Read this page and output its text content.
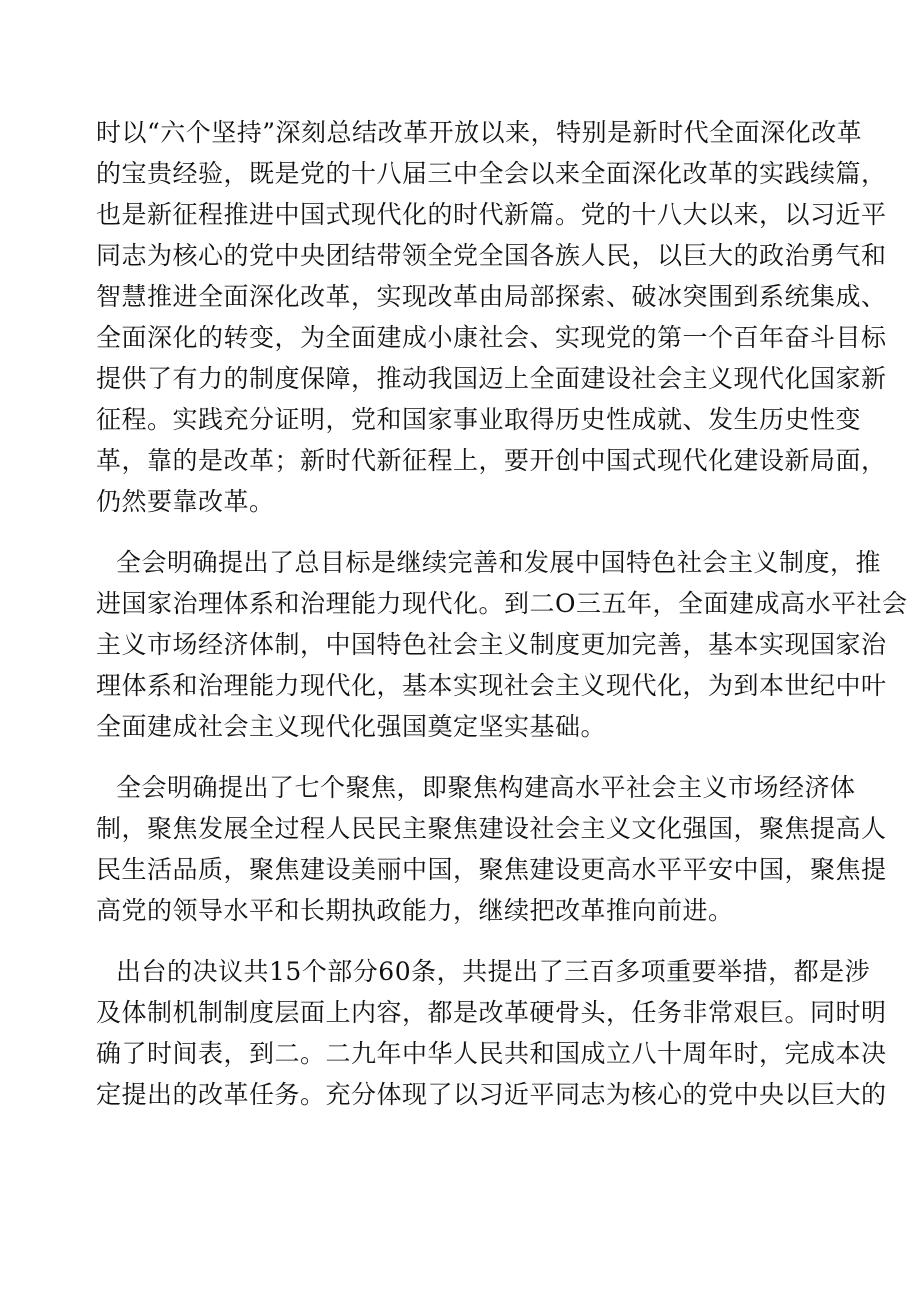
时以“六个坚持”深刻总结改革开放以来，特别是新时代全面深化改革
的宝贵经验，既是党的十八届三中全会以来全面深化改革的实践续篇，
也是新征程推进中国式现代化的时代新篇。党的十八大以来，以习近平
同志为核心的党中央团结带领全党全国各族人民，以巨大的政治勇气和
智慧推进全面深化改革，实现改革由局部探索、破冰突围到系统集成、
全面深化的转变，为全面建成小康社会、实现党的第一个百年奋斗目标
提供了有力的制度保障，推动我国迈上全面建设社会主义现代化国家新
征程。实践充分证明，党和国家事业取得历史性成就、发生历史性变
革，靠的是改革；新时代新征程上，要开创中国式现代化建设新局面，
仍然要靠改革。
全会明确提出了总目标是继续完善和发展中国特色社会主义制度，推
进国家治理体系和治理能力现代化。到二O三五年，全面建成高水平社会
主义市场经济体制，中国特色社会主义制度更加完善，基本实现国家治
理体系和治理能力现代化，基本实现社会主义现代化，为到本世纪中叶
全面建成社会主义现代化强国奠定坚实基础。
全会明确提出了七个聚焦，即聚焦构建高水平社会主义市场经济体
制，聚焦发展全过程人民民主聚焦建设社会主义文化强国，聚焦提高人
民生活品质，聚焦建设美丽中国，聚焦建设更高水平平安中国，聚焦提
高党的领导水平和长期执政能力，继续把改革推向前进。
出台的决议共15个部分60条，共提出了三百多项重要举措，都是涉
及体制机制制度层面上内容，都是改革硬骨头，任务非常艰巨。同时明
确了时间表，到二。二九年中华人民共和国成立八十周年时，完成本决
定提出的改革任务。充分体现了以习近平同志为核心的党中央以巨大的
